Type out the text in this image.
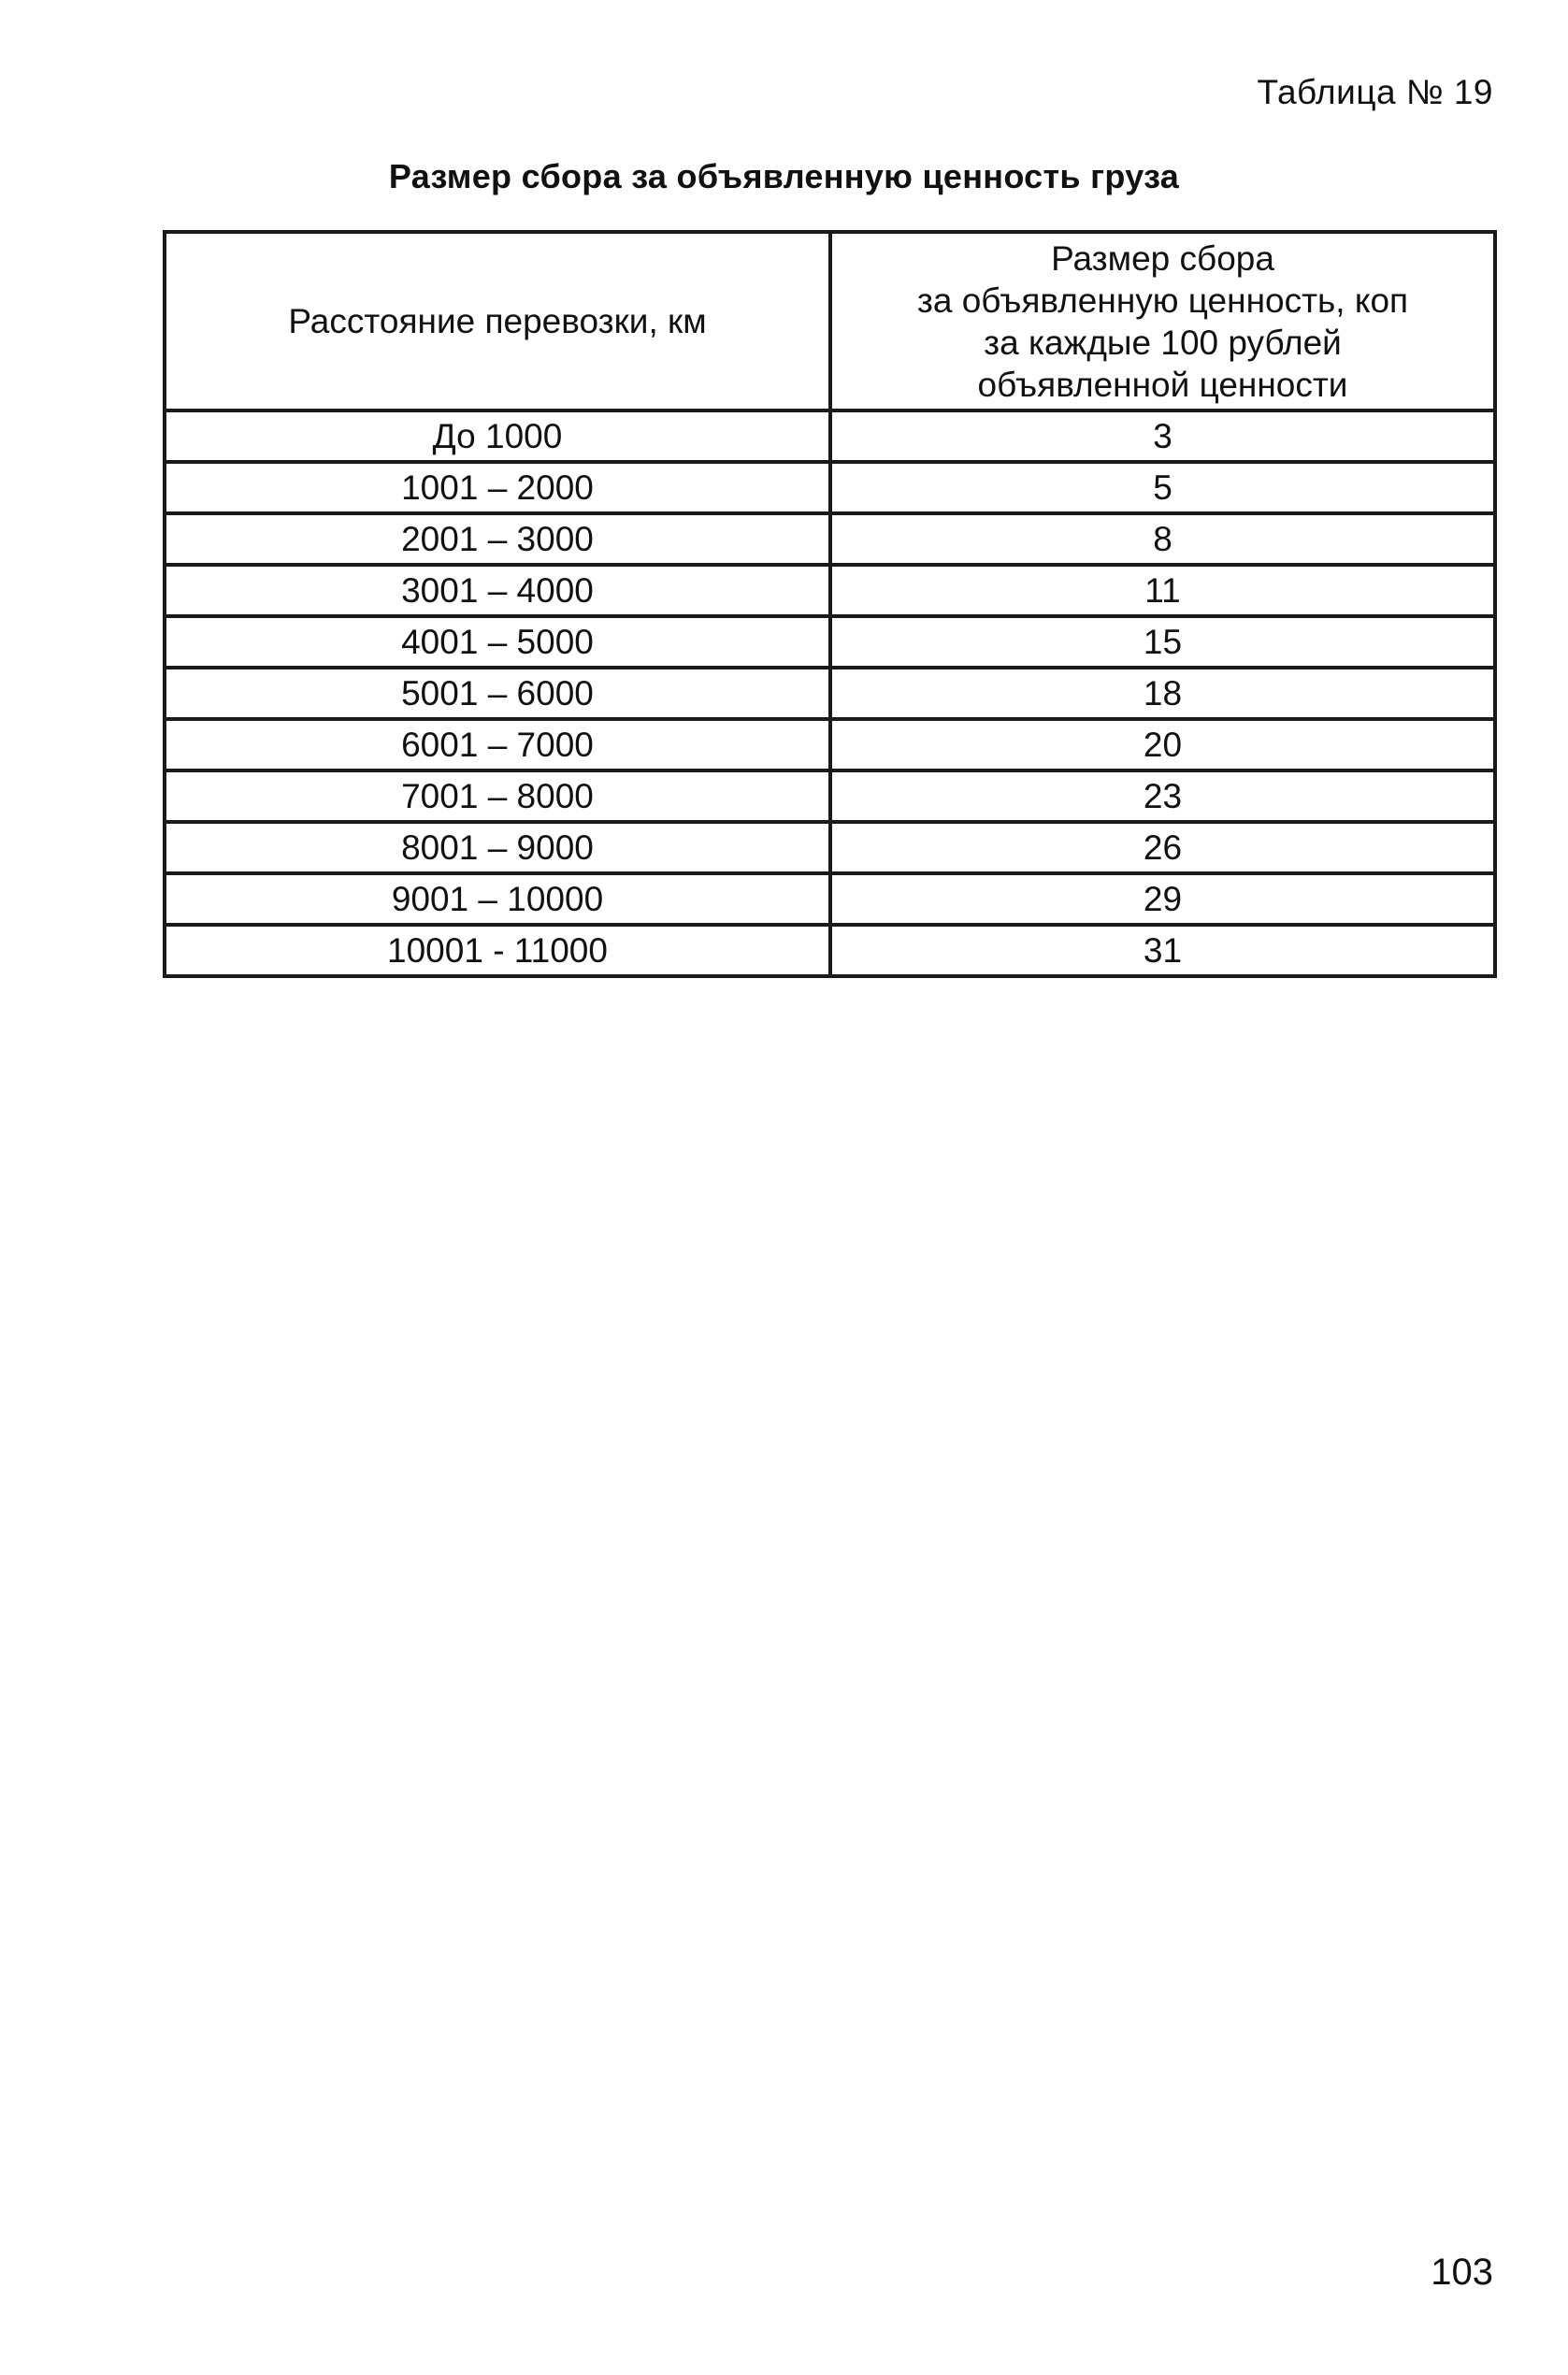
Таблица № 19
Размер сбора за объявленную ценность груза
Расстояние перевозки, км	Размер сбора
за объявленную ценность, коп
за каждые 100 рублей
объявленной ценности
До 1000	3
1001 – 2000	5
2001 – 3000	8
3001 – 4000	11
4001 – 5000	15
5001 – 6000	18
6001 – 7000	20
7001 – 8000	23
8001 – 9000	26
9001 – 10000	29
10001 - 11000	31
103
